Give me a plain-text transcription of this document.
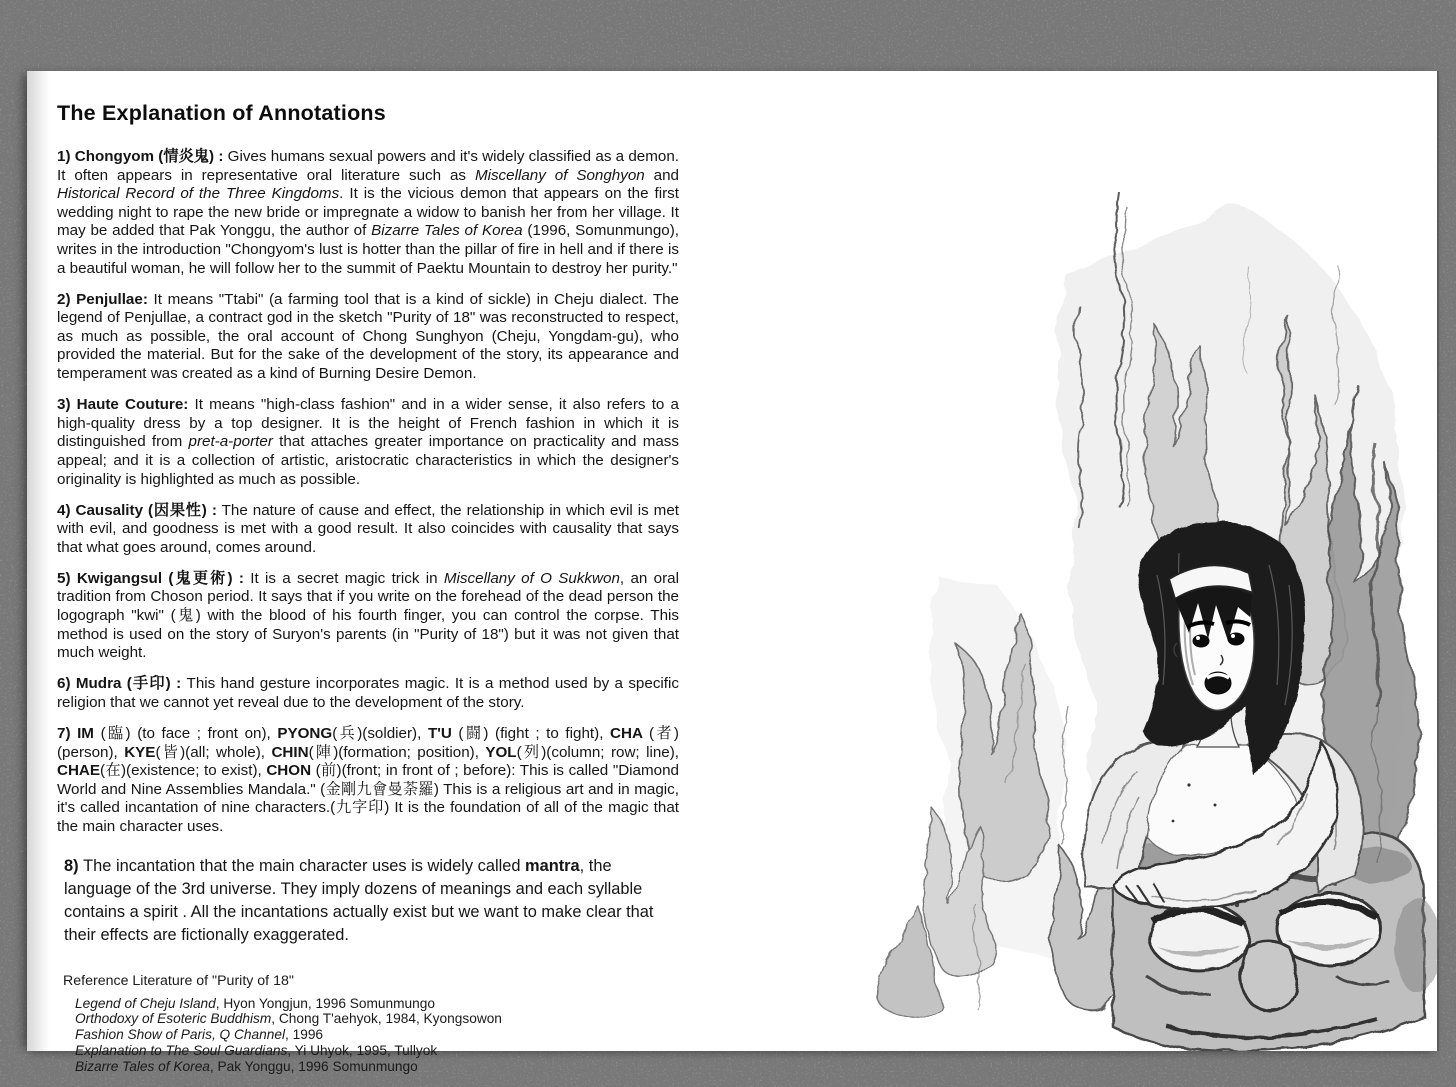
The Explanation of Annotations

1) Chongyom (情炎鬼) : Gives humans sexual powers and it's widely classified as a demon. It often appears in representative oral literature such as Miscellany of Songhyon and Historical Record of the Three Kingdoms. It is the vicious demon that appears on the first wedding night to rape the new bride or impregnate a widow to banish her from her village. It may be added that Pak Yonggu, the author of Bizarre Tales of Korea (1996, Somunmungo), writes in the introduction "Chongyom's lust is hotter than the pillar of fire in hell and if there is a beautiful woman, he will follow her to the summit of Paektu Mountain to destroy her purity."

2) Penjullae: It means "Ttabi" (a farming tool that is a kind of sickle) in Cheju dialect. The legend of Penjullae, a contract god in the sketch "Purity of 18" was reconstructed to respect, as much as possible, the oral account of Chong Sunghyon (Cheju, Yongdam-gu), who provided the material. But for the sake of the development of the story, its appearance and temperament was created as a kind of Burning Desire Demon.

3) Haute Couture: It means "high-class fashion" and in a wider sense, it also refers to a high-quality dress by a top designer. It is the height of French fashion in which it is distinguished from pret-a-porter that attaches greater importance on practicality and mass appeal; and it is a collection of artistic, aristocratic characteristics in which the designer's originality is highlighted as much as possible.

4) Causality (因果性) : The nature of cause and effect, the relationship in which evil is met with evil, and goodness is met with a good result. It also coincides with causality that says that what goes around, comes around.

5) Kwigangsul (鬼更術) : It is a secret magic trick in Miscellany of O Sukkwon, an oral tradition from Choson period. It says that if you write on the forehead of the dead person the logograph "kwi" (鬼) with the blood of his fourth finger, you can control the corpse. This method is used on the story of Suryon's parents (in "Purity of 18") but it was not given that much weight.

6) Mudra (手印) : This hand gesture incorporates magic. It is a method used by a specific religion that we cannot yet reveal due to the development of the story.

7) IM (臨) (to face ; front on), PYONG(兵)(soldier), T'U (闘) (fight ; to fight), CHA (者) (person), KYE(皆)(all; whole), CHIN(陣)(formation; position), YOL(列)(column; row; line), CHAE(在)(existence; to exist), CHON (前)(front; in front of ; before): This is called "Diamond World and Nine Assemblies Mandala." (金剛九會曼荼羅) This is a religious art and in magic, it's called incantation of nine characters.(九字印) It is the foundation of all of the magic that the main character uses.

8) The incantation that the main character uses is widely called mantra, the language of the 3rd universe. They imply dozens of meanings and each syllable contains a spirit . All the incantations actually exist but we want to make clear that their effects are fictionally exaggerated.

Reference Literature of "Purity of 18"
Legend of Cheju Island, Hyon Yongjun, 1996 Somunmungo
Orthodoxy of Esoteric Buddhism, Chong T'aehyok, 1984, Kyongsowon
Fashion Show of Paris, Q Channel, 1996
Explanation to The Soul Guardians, Yi Uhyok, 1995, Tullyok
Bizarre Tales of Korea, Pak Yonggu, 1996 Somunmungo
